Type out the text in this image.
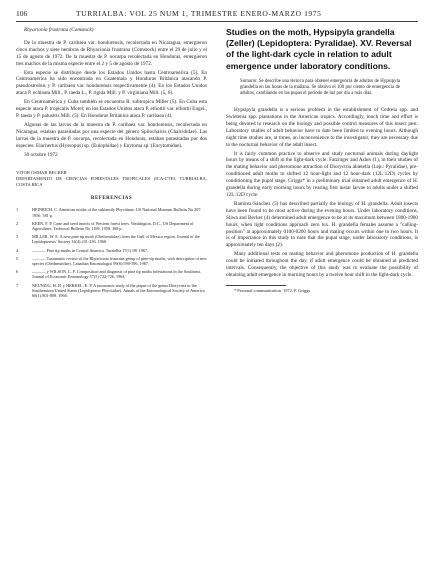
106	TURRIALBA: VOL 25 NUM 1, TRIMESTRE ENERO-MARZO 1975

Rhyacionia frustrana (Comstock)

De la muestra de P. caribaea var. hondurensis, recolectada en Nicaragua, emergieron cinco machos y siete hembras de Rhyacionia frustrana (Comstock) entre el 29 de julio y el 15 de agosto de 1972. De la muestra de P. oocarpa recolectada en Honduras, emergieron tres machos de la misma especie entre el 2 y 5 de agosto de 1972.

Esta especie se distribuye desde los Estados Unidos hasta Centroamérica (5). En Centroamérica ha sido encontrada en Guatemala y Honduras Británica atacando P. pseudostrobus y P. caribaea var. hondurensis respectivamente (4). En los Estados Unidos ataca P. echinata Mill., P. taeda L., P. rigida Mill. y P. virginiana Mill. (5, 6).

En Centroamérica y Cuba también se encuentra R. subtropica Miller (5). En Cuba esta especie ataca P. tropicalis Morel; en los Estados Unidos ataca P. elliottii var. elliottii Engel., P. taeda y P. palustris Mill. (5). En Honduras Británica ataca P. caribaea (4).

Algunas de las larvas de la muestra de P. caribaea var. hondurensis, recolectada en Nicaragua, estaban parasitadas por una especie del género Spilochalcis (Chalcididae). Las larvas de la muestra de P. oocarpa, recolectada en Honduras, estaban parasitadas por dos especies: Elachertus (Hyssopus) sp. (Eulophidae) y Enytoma sp. (Eurytomidae).

30 octubre 1972

VITOR OSMAR BECKER
DEPARTAMENTO DE CIENCIAS FORESTALES TROPICALES (ICA-CTEI, TURRIALBA, COSTA RICA
REFERENCIAS
1	HEINRICH, C. American moths of the subfamily Phycitinae. US National Museum Bulletin No 207. 1956. 581 p.
2	KEEN, F. P. Cone and seed insects of Western forest trees. Washington, D.C., US Department of Agriculture. Technical Bulletin No 1169. 1958. 168 p.
3	MILLER, W. E. A new pine tip moth (Olethreutidae) from the Gulf of Mexico region. Journal of the Lepidopterists' Society 14(4):231-236. 1960.
4	———. Pine tip moths in Central America. Turrialba 17(1):98. 1967.
5	———. Taxonomic review of the Rhyacionia frustrana group of pine-tip moths, with description of new species (Olethreutidae). Canadian Entomologist 99(6):590-596. 1967.
6	———, y WILSON, L. F. Composition and diagnosis of pine tip moths infestations in the Southeast. Journal of Economic Entomology 57(5):722-726. 1964.
7	NEUNZIG, H. H. y HERKEL, E. P. A taxonomic study of the pupae of the genus Dioryctria in the Southeastern United States (Lepidoptera: Phycitidae). Annals of the Entomological Society of America 60(1):801-808. 1966.
Studies on the moth, Hypsipyla grandella (Zeller) (Lepidoptera: Pyralidae). XV. Reversal of the light-dark cycle in relation to adult emergence under laboratory conditions.
Sumario: Se describe una técnica para obtener emergencia de adultos de Hypsipyla grandella en las horas de la mañana. Se obtuvo el 100 por ciento de emergencia de adultos, cambiando en las pupas el período de luz por día a más días.

Hypsipyla grandella is a serious problem in the establishment of Cedrela spp. and Swietenia spp. plantations in the American tropics. Accordingly, much time and effort is being devoted to research on the biology and possible control measures of this insect pest. Laboratory studies of adult behavior have to date been limited to evening hours. Although night time studies are, at times, an inconvenience to the investigator, they are necessary due to the nocturnal behavior of the adult insect.

It is fairly common practice to observe and study nocturnal animals during daylight hours by means of a shift in the light-dark cycle. Fatzinger and Asher (1), in their studies of the mating behavior and pheromone attraction of Dioryctria abietella (Lep.: Pyralidae), pre-conditioned adult moths to shifted 12 hour-light and 12 hour-dark (12L:12D) cycles by conditioning the pupal stage. Griggs* in a preliminary trial obtained adult emergence of H. grandella during early morning hours by rearing first instar larvae to adults under a shifted 12L:12D cycle.

Ramirez-Sánchez (5) has described partially the biology of H. grandella. Adult insects have been found to be most active during the evening hours. Under laboratory conditions, Sliwa and Becker (4) determined adult emergence to be at its maximum between 1800-1900 hours, when light conditions approach zero lux. H. grandella females assume a "calling-position" at approximately 0100-0200 hours and mating occurs within one to two hours. It is of importance in this study to note that the pupal stage, under laboratory conditions, is approximately ten days (2).

Many additional tests on mating behavior and pheromone production of H. grandella could be initiated throughout the day, if adult emergence could be obtained at predicted intervals. Consequently, the objective of this study was to evaluate the possibility of obtaining adult emergence in morning hours by a twelve hour shift in the light-dark cycle.

* Personal communication. 1972. P. Griggs.
